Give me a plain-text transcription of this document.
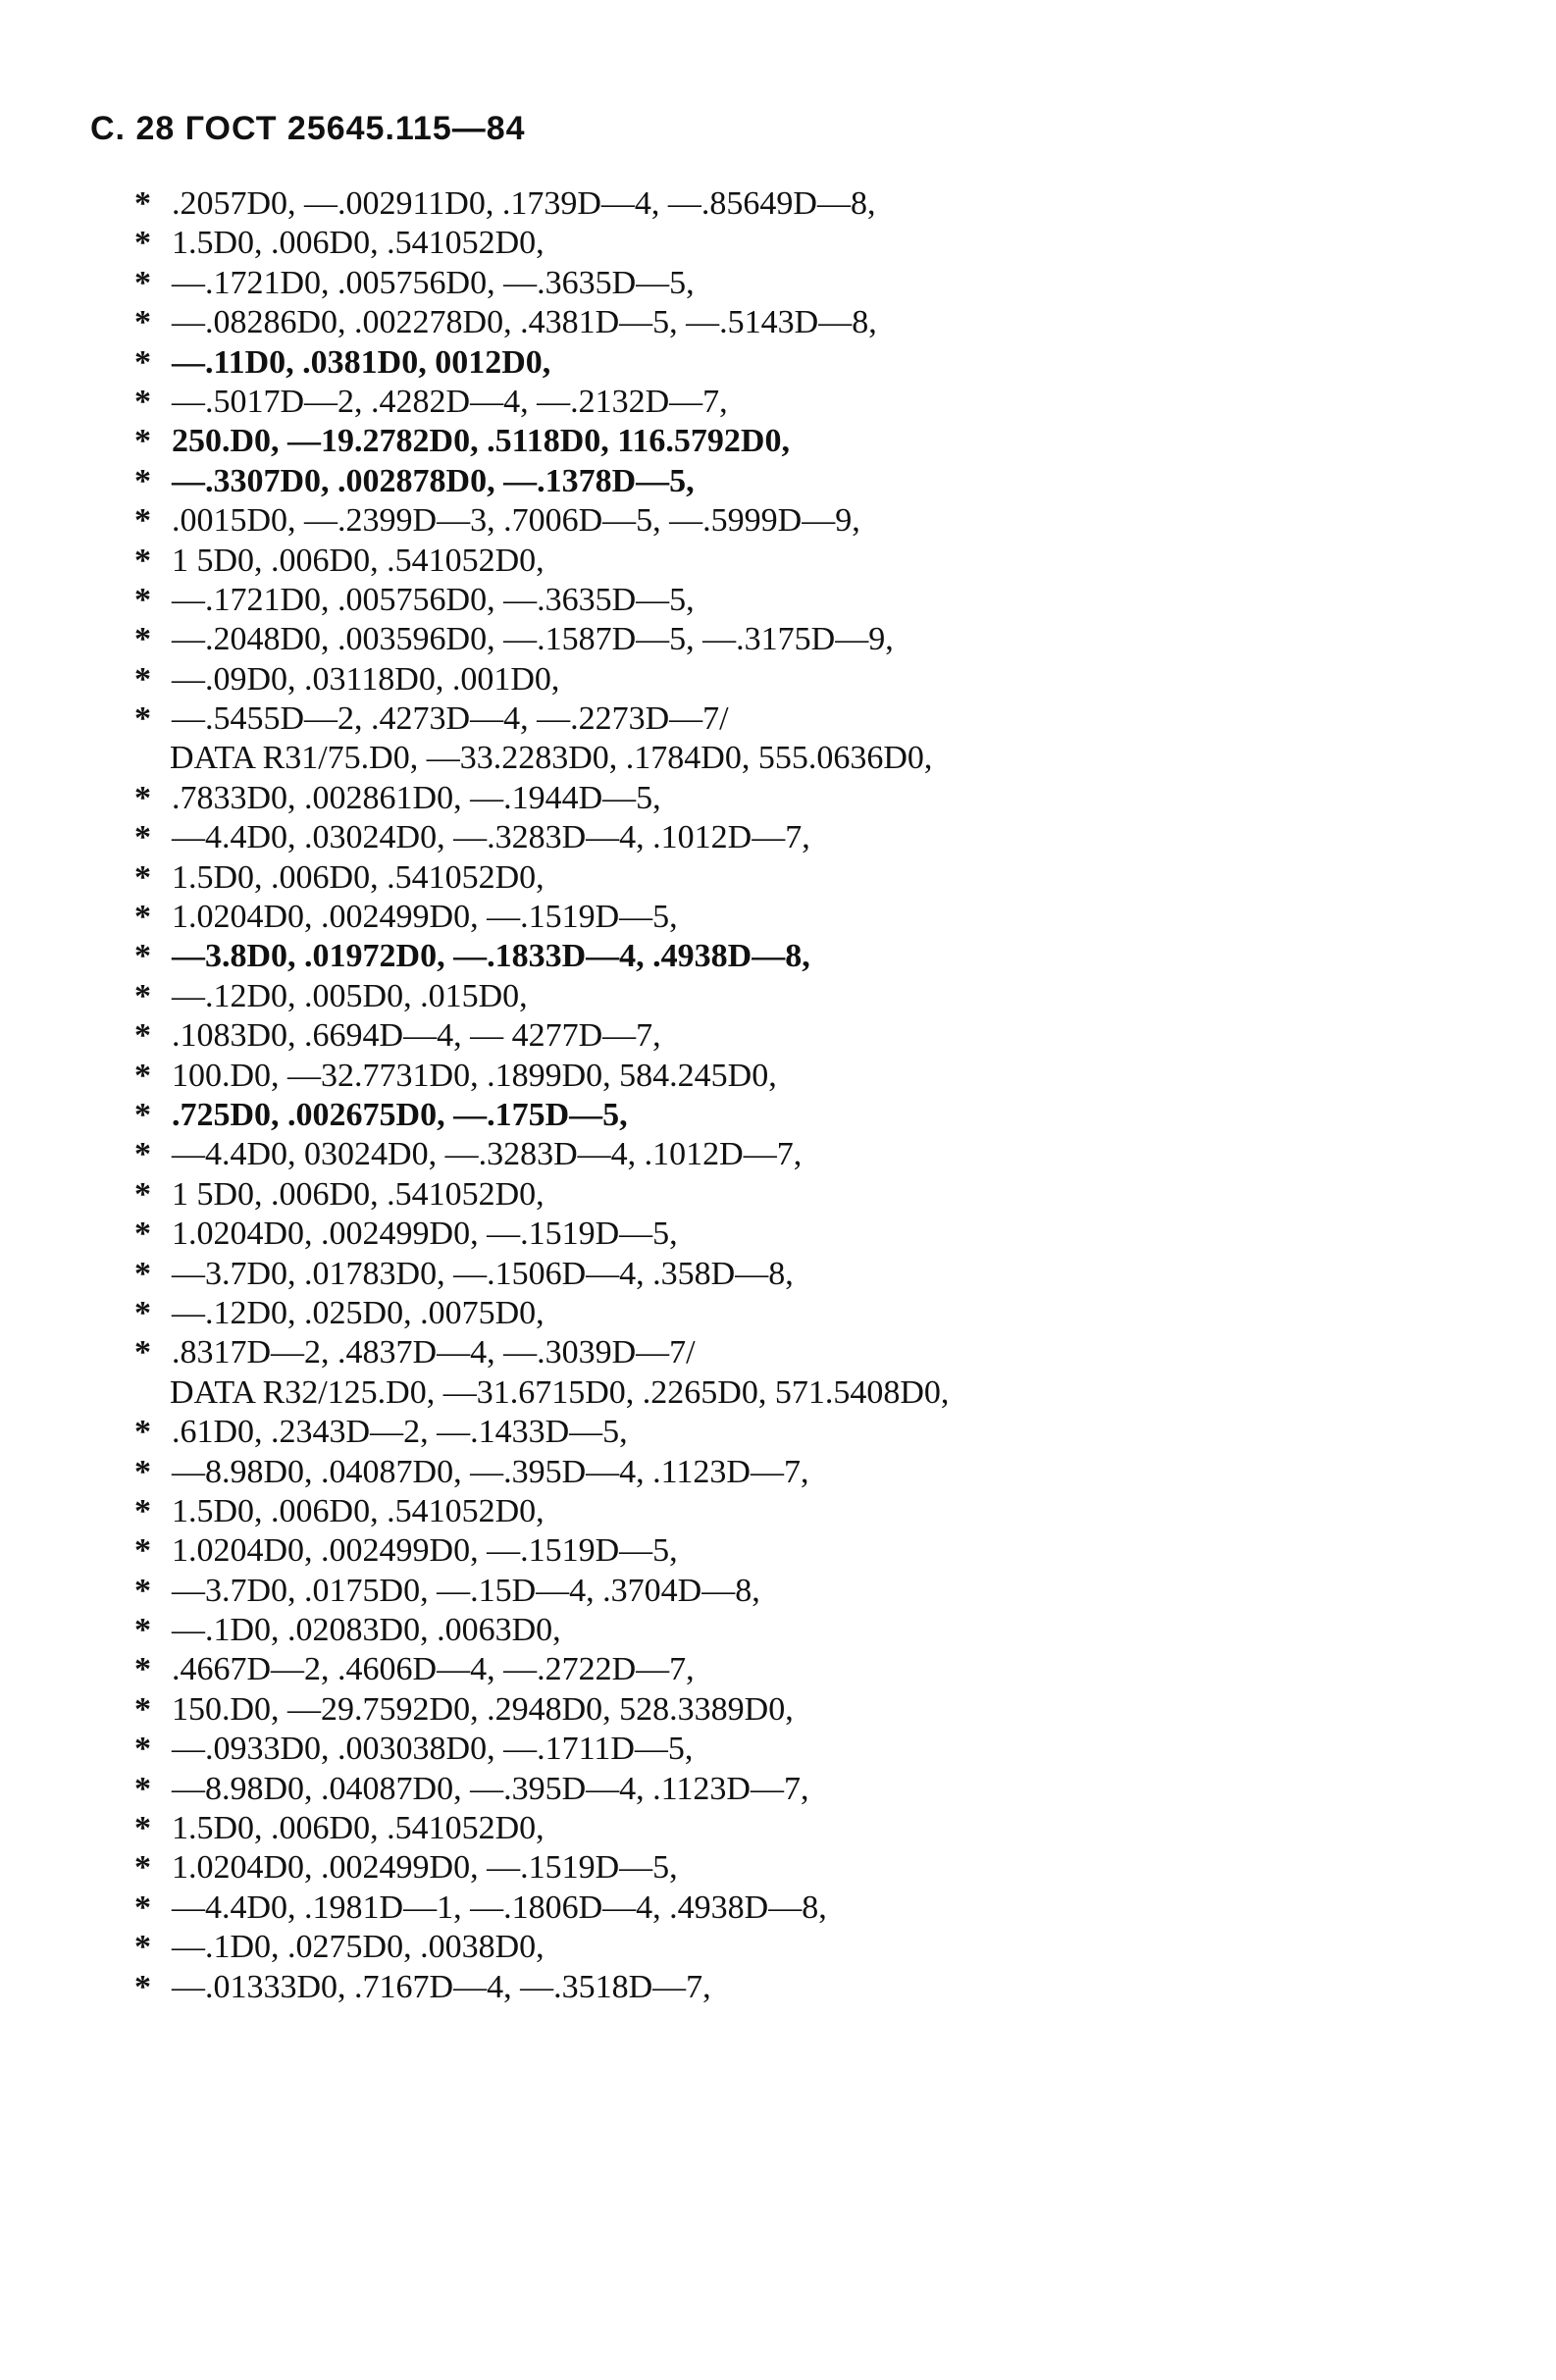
С. 28 ГОСТ 25645.115—84
* .2057D0, —.002911D0, .1739D—4, —.85649D—8,
* 1.5D0, .006D0, .541052D0,
* —.1721D0, .005756D0, —.3635D—5,
* —.08286D0, .002278D0, .4381D—5, —.5143D—8,
* —.11D0, .0381D0, 0012D0,
* —.5017D—2, .4282D—4, —.2132D—7,
* 250.D0, —19.2782D0, .5118D0, 116.5792D0,
* —.3307D0, .002878D0, —.1378D—5,
* .0015D0, —.2399D—3, .7006D—5, —.5999D—9,
* 1 5D0, .006D0, .541052D0,
* —.1721D0, .005756D0, —.3635D—5,
* —.2048D0, .003596D0, —.1587D—5, —.3175D—9,
* —.09D0, .03118D0, .001D0,
* —.5455D—2, .4273D—4, —.2273D—7/
DATA R31/75.D0, —33.2283D0, .1784D0, 555.0636D0,
* .7833D0, .002861D0, —.1944D—5,
* —4.4D0, .03024D0, —.3283D—4, .1012D—7,
* 1.5D0, .006D0, .541052D0,
* 1.0204D0, .002499D0, —.1519D—5,
* —3.8D0, .01972D0, —.1833D—4, .4938D—8,
* —.12D0, .005D0, .015D0,
* .1083D0, .6694D—4, — 4277D—7,
* 100.D0, —32.7731D0, .1899D0, 584.245D0,
* .725D0, .002675D0, —.175D—5,
* —4.4D0, 03024D0, —.3283D—4, .1012D—7,
* 1 5D0, .006D0, .541052D0,
* 1.0204D0, .002499D0, —.1519D—5,
* —3.7D0, .01783D0, —.1506D—4, .358D—8,
* —.12D0, .025D0, .0075D0,
* .8317D—2, .4837D—4, —.3039D—7/
DATA R32/125.D0, —31.6715D0, .2265D0, 571.5408D0,
* .61D0, .2343D—2, —.1433D—5,
* —8.98D0, .04087D0, —.395D—4, .1123D—7,
* 1.5D0, .006D0, .541052D0,
* 1.0204D0, .002499D0, —.1519D—5,
* —3.7D0, .0175D0, —.15D—4, .3704D—8,
* —.1D0, .02083D0, .0063D0,
* .4667D—2, .4606D—4, —.2722D—7,
* 150.D0, —29.7592D0, .2948D0, 528.3389D0,
* —.0933D0, .003038D0, —.1711D—5,
* —8.98D0, .04087D0, —.395D—4, .1123D—7,
* 1.5D0, .006D0, .541052D0,
* 1.0204D0, .002499D0, —.1519D—5,
* —4.4D0, .1981D—1, —.1806D—4, .4938D—8,
* —.1D0, .0275D0, .0038D0,
* —.01333D0, .7167D—4, —.3518D—7,
